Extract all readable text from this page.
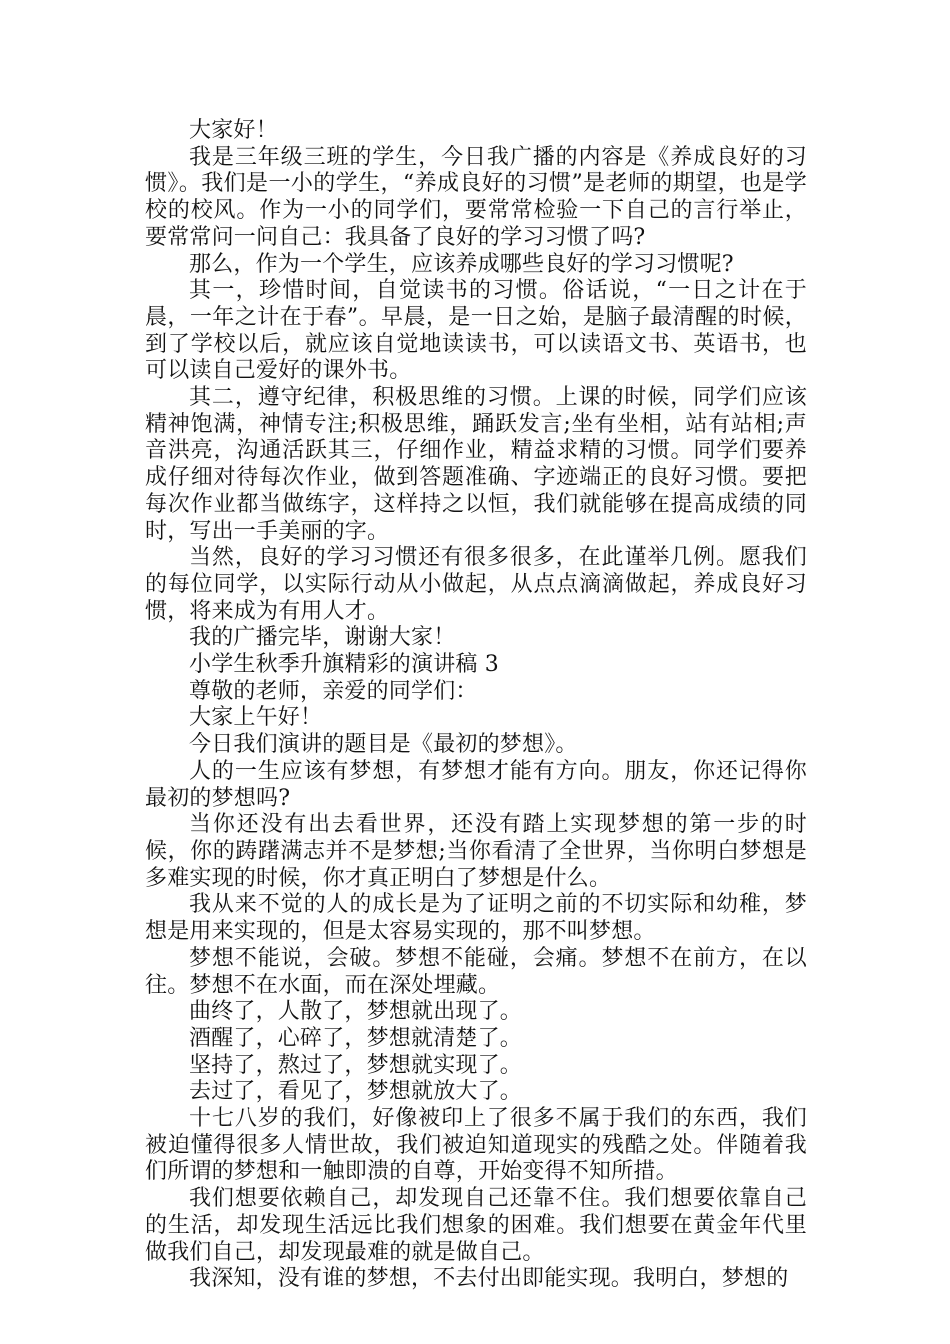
大家好！

我是三年级三班的学生，今日我广播的内容是《养成良好的习惯》。我们是一小的学生，“养成良好的习惯”是老师的期望，也是学校的校风。作为一小的同学们，要常常检验一下自己的言行举止，要常常问一问自己：我具备了良好的学习习惯了吗?

那么，作为一个学生，应该养成哪些良好的学习习惯呢?

其一，珍惜时间，自觉读书的习惯。俗话说，“一日之计在于晨，一年之计在于春”。早晨，是一日之始，是脑子最清醒的时候，到了学校以后，就应该自觉地读读书，可以读语文书、英语书，也可以读自己爱好的课外书。

其二，遵守纪律，积极思维的习惯。上课的时候，同学们应该精神饱满，神情专注;积极思维，踊跃发言;坐有坐相，站有站相;声音洪亮，沟通活跃其三，仔细作业，精益求精的习惯。同学们要养成仔细对待每次作业，做到答题准确、字迹端正的良好习惯。要把每次作业都当做练字，这样持之以恒，我们就能够在提高成绩的同时，写出一手美丽的字。

当然，良好的学习习惯还有很多很多，在此谨举几例。愿我们的每位同学，以实际行动从小做起，从点点滴滴做起，养成良好习惯，将来成为有用人才。

我的广播完毕，谢谢大家！

小学生秋季升旗精彩的演讲稿 3

尊敬的老师，亲爱的同学们：

大家上午好！

今日我们演讲的题目是《最初的梦想》。

人的一生应该有梦想，有梦想才能有方向。朋友，你还记得你最初的梦想吗?

当你还没有出去看世界，还没有踏上实现梦想的第一步的时候，你的踌躇满志并不是梦想;当你看清了全世界，当你明白梦想是多难实现的时候，你才真正明白了梦想是什么。

我从来不觉的人的成长是为了证明之前的不切实际和幼稚，梦想是用来实现的，但是太容易实现的，那不叫梦想。

梦想不能说，会破。梦想不能碰，会痛。梦想不在前方，在以往。梦想不在水面，而在深处埋藏。

曲终了，人散了，梦想就出现了。

酒醒了，心碎了，梦想就清楚了。

坚持了，熬过了，梦想就实现了。

去过了，看见了，梦想就放大了。

十七八岁的我们，好像被印上了很多不属于我们的东西，我们被迫懂得很多人情世故，我们被迫知道现实的残酷之处。伴随着我们所谓的梦想和一触即溃的自尊，开始变得不知所措。

我们想要依赖自己，却发现自己还靠不住。我们想要依靠自己的生活，却发现生活远比我们想象的困难。我们想要在黄金年代里做我们自己，却发现最难的就是做自己。

我深知，没有谁的梦想，不去付出即能实现。我明白，梦想的
